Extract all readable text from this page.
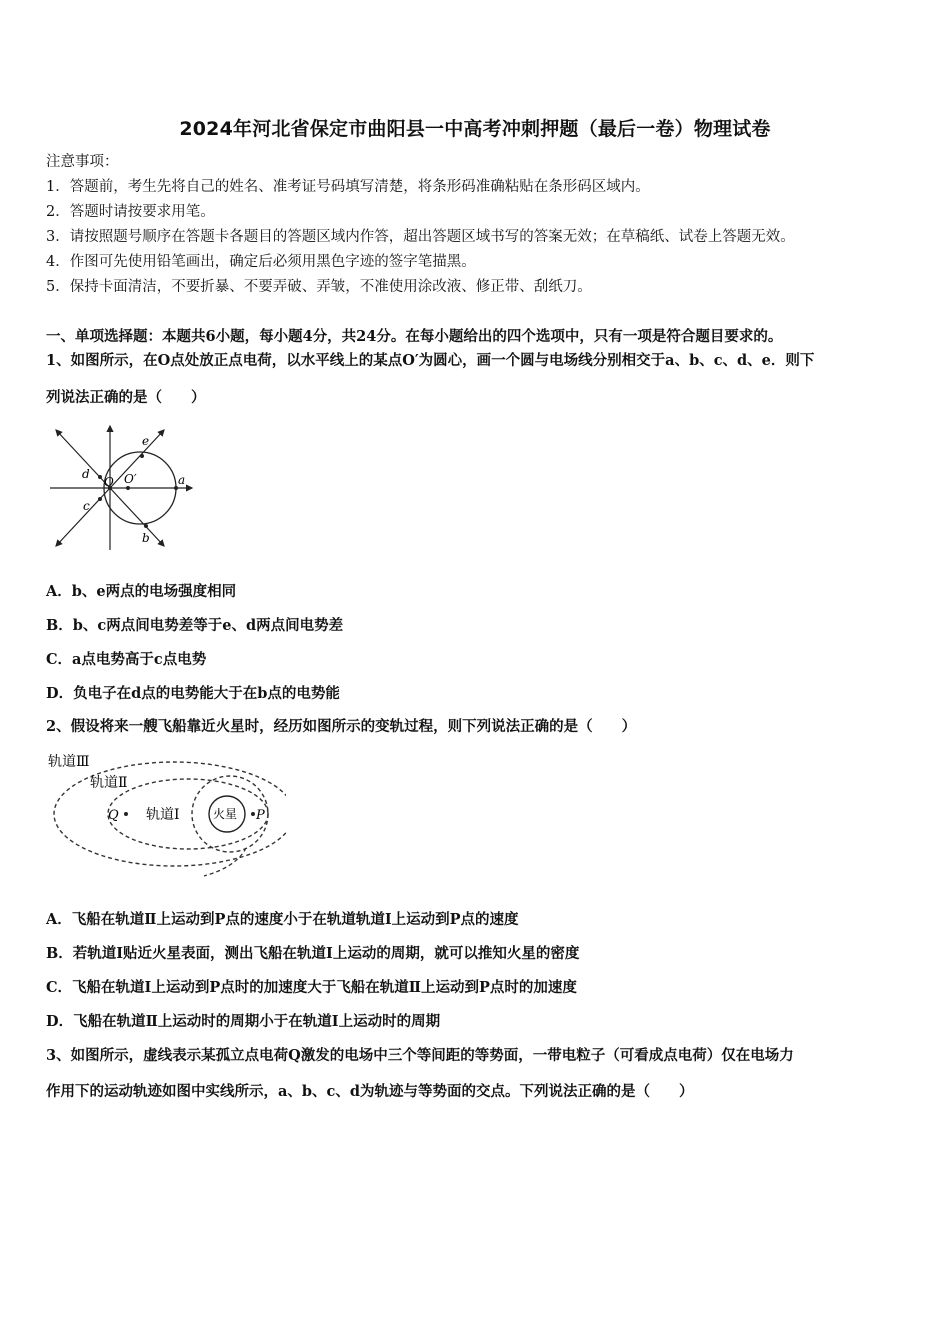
2024年河北省保定市曲阳县一中高考冲刺押题（最后一卷）物理试卷
注意事项：
1．答题前，考生先将自己的姓名、准考证号码填写清楚，将条形码准确粘贴在条形码区域内。
2．答题时请按要求用笔。
3．请按照题号顺序在答题卡各题目的答题区域内作答，超出答题区域书写的答案无效；在草稿纸、试卷上答题无效。
4．作图可先使用铅笔画出，确定后必须用黑色字迹的签字笔描黑。
5．保持卡面清洁，不要折暴、不要弄破、弄皱，不准使用涂改液、修正带、刮纸刀。
一、单项选择题：本题共6小题，每小题4分，共24分。在每小题给出的四个选项中，只有一项是符合题目要求的。
1、如图所示，在O点处放正点电荷，以水平线上的某点O′为圆心，画一个圆与电场线分别相交于a、b、c、d、e．则下
列说法正确的是（　　）
e
d
O O′	a
c
b
A．b、e两点的电场强度相同
B．b、c两点间电势差等于e、d两点间电势差
C．a点电势高于c点电势
D．负电子在d点的电势能大于在b点的电势能
2、假设将来一艘飞船靠近火星时，经历如图所示的变轨过程，则下列说法正确的是（　　）
轨道Ⅲ
轨道Ⅱ
轨道Ⅰ	火星
Q	P
A．飞船在轨道Ⅱ上运动到P点的速度小于在轨道轨道Ⅰ上运动到P点的速度
B．若轨道I贴近火星表面，测出飞船在轨道I上运动的周期，就可以推知火星的密度
C．飞船在轨道I上运动到P点时的加速度大于飞船在轨道Ⅱ上运动到P点时的加速度
D．飞船在轨道Ⅱ上运动时的周期小于在轨道I上运动时的周期
3、如图所示，虚线表示某孤立点电荷Q激发的电场中三个等间距的等势面，一带电粒子（可看成点电荷）仅在电场力
作用下的运动轨迹如图中实线所示，a、b、c、d为轨迹与等势面的交点。下列说法正确的是（　　）
